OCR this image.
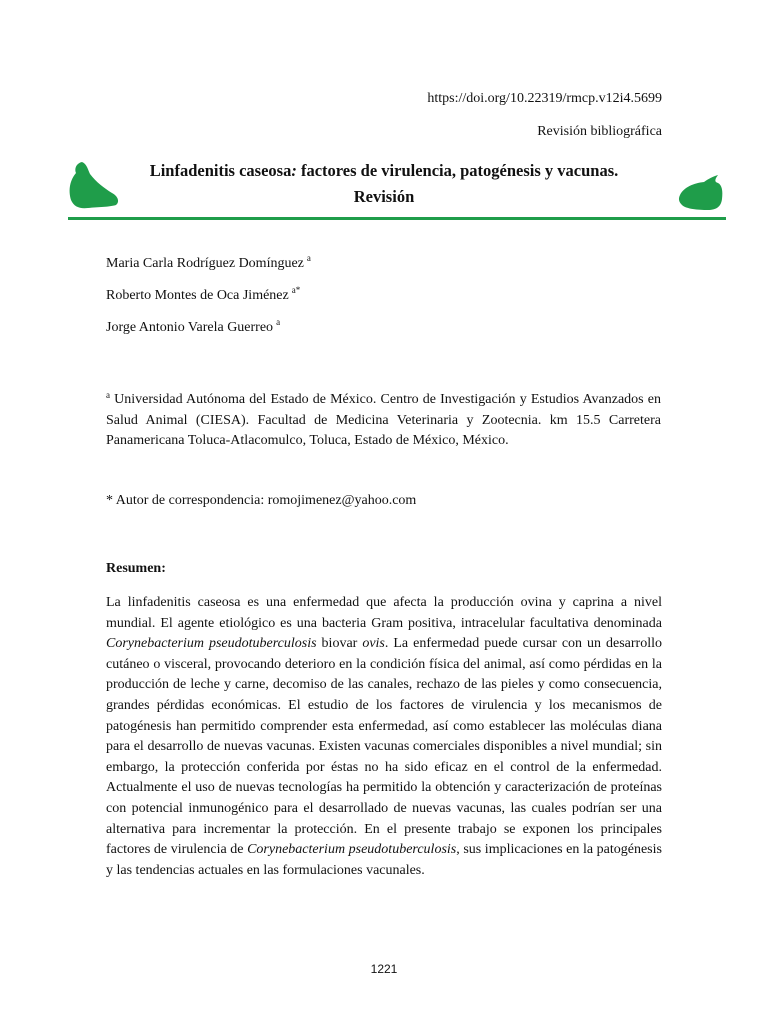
https://doi.org/10.22319/rmcp.v12i4.5699
Revisión bibliográfica
Linfadenitis caseosa: factores de virulencia, patogénesis y vacunas.
Revisión
Maria Carla Rodríguez Domínguez $^a$
Roberto Montes de Oca Jiménez $^{a*}$
Jorge Antonio Varela Guerreo $^a$
$^a$ Universidad Autónoma del Estado de México. Centro de Investigación y Estudios Avanzados en Salud Animal (CIESA). Facultad de Medicina Veterinaria y Zootecnia. km 15.5 Carretera Panamericana Toluca-Atlacomulco, Toluca, Estado de México, México.
* Autor de correspondencia: romojimenez@yahoo.com
Resumen:
La linfadenitis caseosa es una enfermedad que afecta la producción ovina y caprina a nivel mundial. El agente etiológico es una bacteria Gram positiva, intracelular facultativa denominada Corynebacterium pseudotuberculosis biovar ovis. La enfermedad puede cursar con un desarrollo cutáneo o visceral, provocando deterioro en la condición física del animal, así como pérdidas en la producción de leche y carne, decomiso de las canales, rechazo de las pieles y como consecuencia, grandes pérdidas económicas. El estudio de los factores de virulencia y los mecanismos de patogénesis han permitido comprender esta enfermedad, así como establecer las moléculas diana para el desarrollo de nuevas vacunas. Existen vacunas comerciales disponibles a nivel mundial; sin embargo, la protección conferida por éstas no ha sido eficaz en el control de la enfermedad. Actualmente el uso de nuevas tecnologías ha permitido la obtención y caracterización de proteínas con potencial inmunogénico para el desarrollado de nuevas vacunas, las cuales podrían ser una alternativa para incrementar la protección. En el presente trabajo se exponen los principales factores de virulencia de Corynebacterium pseudotuberculosis, sus implicaciones en la patogénesis y las tendencias actuales en las formulaciones vacunales.
1221
